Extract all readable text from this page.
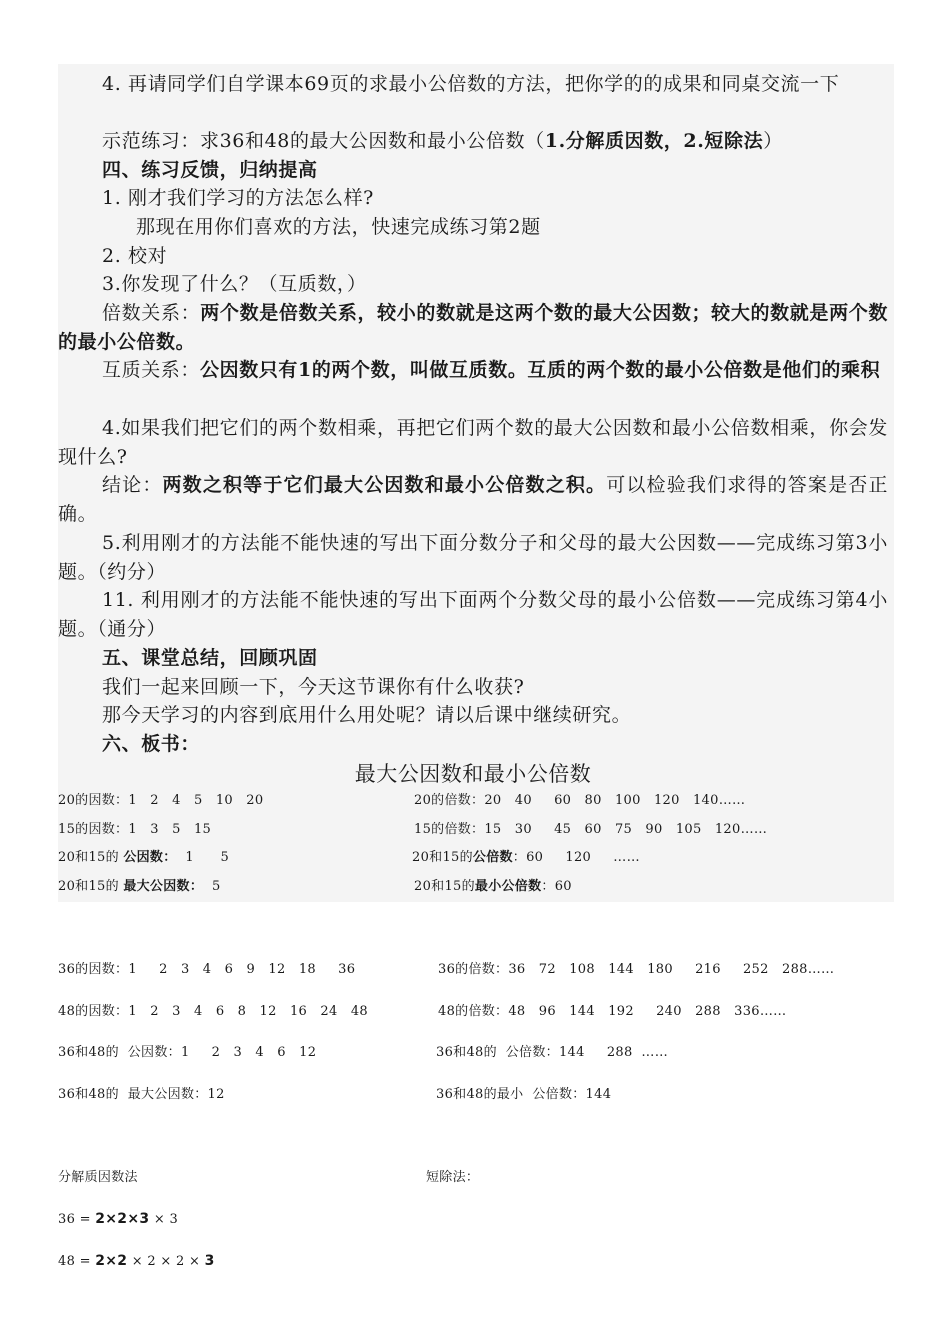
4. 再请同学们自学课本69页的求最小公倍数的方法，把你学的的成果和同桌交流一下
示范练习：求36和48的最大公因数和最小公倍数（1.分解质因数，2.短除法）
四、练习反馈，归纳提高
1. 刚才我们学习的方法怎么样?
那现在用你们喜欢的方法，快速完成练习第2题
2. 校对
3.你发现了什么？（互质数，）
倍数关系：两个数是倍数关系，较小的数就是这两个数的最大公因数；较大的数就是两个数的最小公倍数。
互质关系：公因数只有1的两个数，叫做互质数。互质的两个数的最小公倍数是他们的乘积
4.如果我们把它们的两个数相乘，再把它们两个数的最大公因数和最小公倍数相乘，你会发现什么?
结论：两数之积等于它们最大公因数和最小公倍数之积。可以检验我们求得的答案是否正确。
5.利用刚才的方法能不能快速的写出下面分数分子和父母的最大公因数——完成练习第3小题。（约分）
11. 利用刚才的方法能不能快速的写出下面两个分数父母的最小公倍数——完成练习第4小题。（通分）
五、课堂总结，回顾巩固
我们一起来回顾一下，今天这节课你有什么收获?
那今天学习的内容到底用什么用处呢？请以后课中继续研究。
六、板书：
最大公因数和最小公倍数
20的因数：1   2   4   5   10   20
15的因数：1   3   5   15
20和15的 公因数：  1      5
20和15的 最大公因数：  5
20的倍数：20   40     60   80   100   120   140……
15的倍数：15   30     45   60   75   90   105   120……
20和15的公倍数：60     120     ……
20和15的最小公倍数：60
36的因数：1     2   3   4   6   9   12   18     36
48的因数：1   2   3   4   6   8   12   16   24   48
36和48的  公因数：1     2   3   4   6   12
36和48的  最大公因数：12
36的倍数：36   72   108   144   180     216     252   288……
48的倍数：48   96   144   192     240   288   336……
36和48的  公倍数：144     288  ……
36和48的最小  公倍数：144
分解质因数法	短除法：
36 = 2×2×3 × 3
48 = 2×2 × 2 × 2 × 3
